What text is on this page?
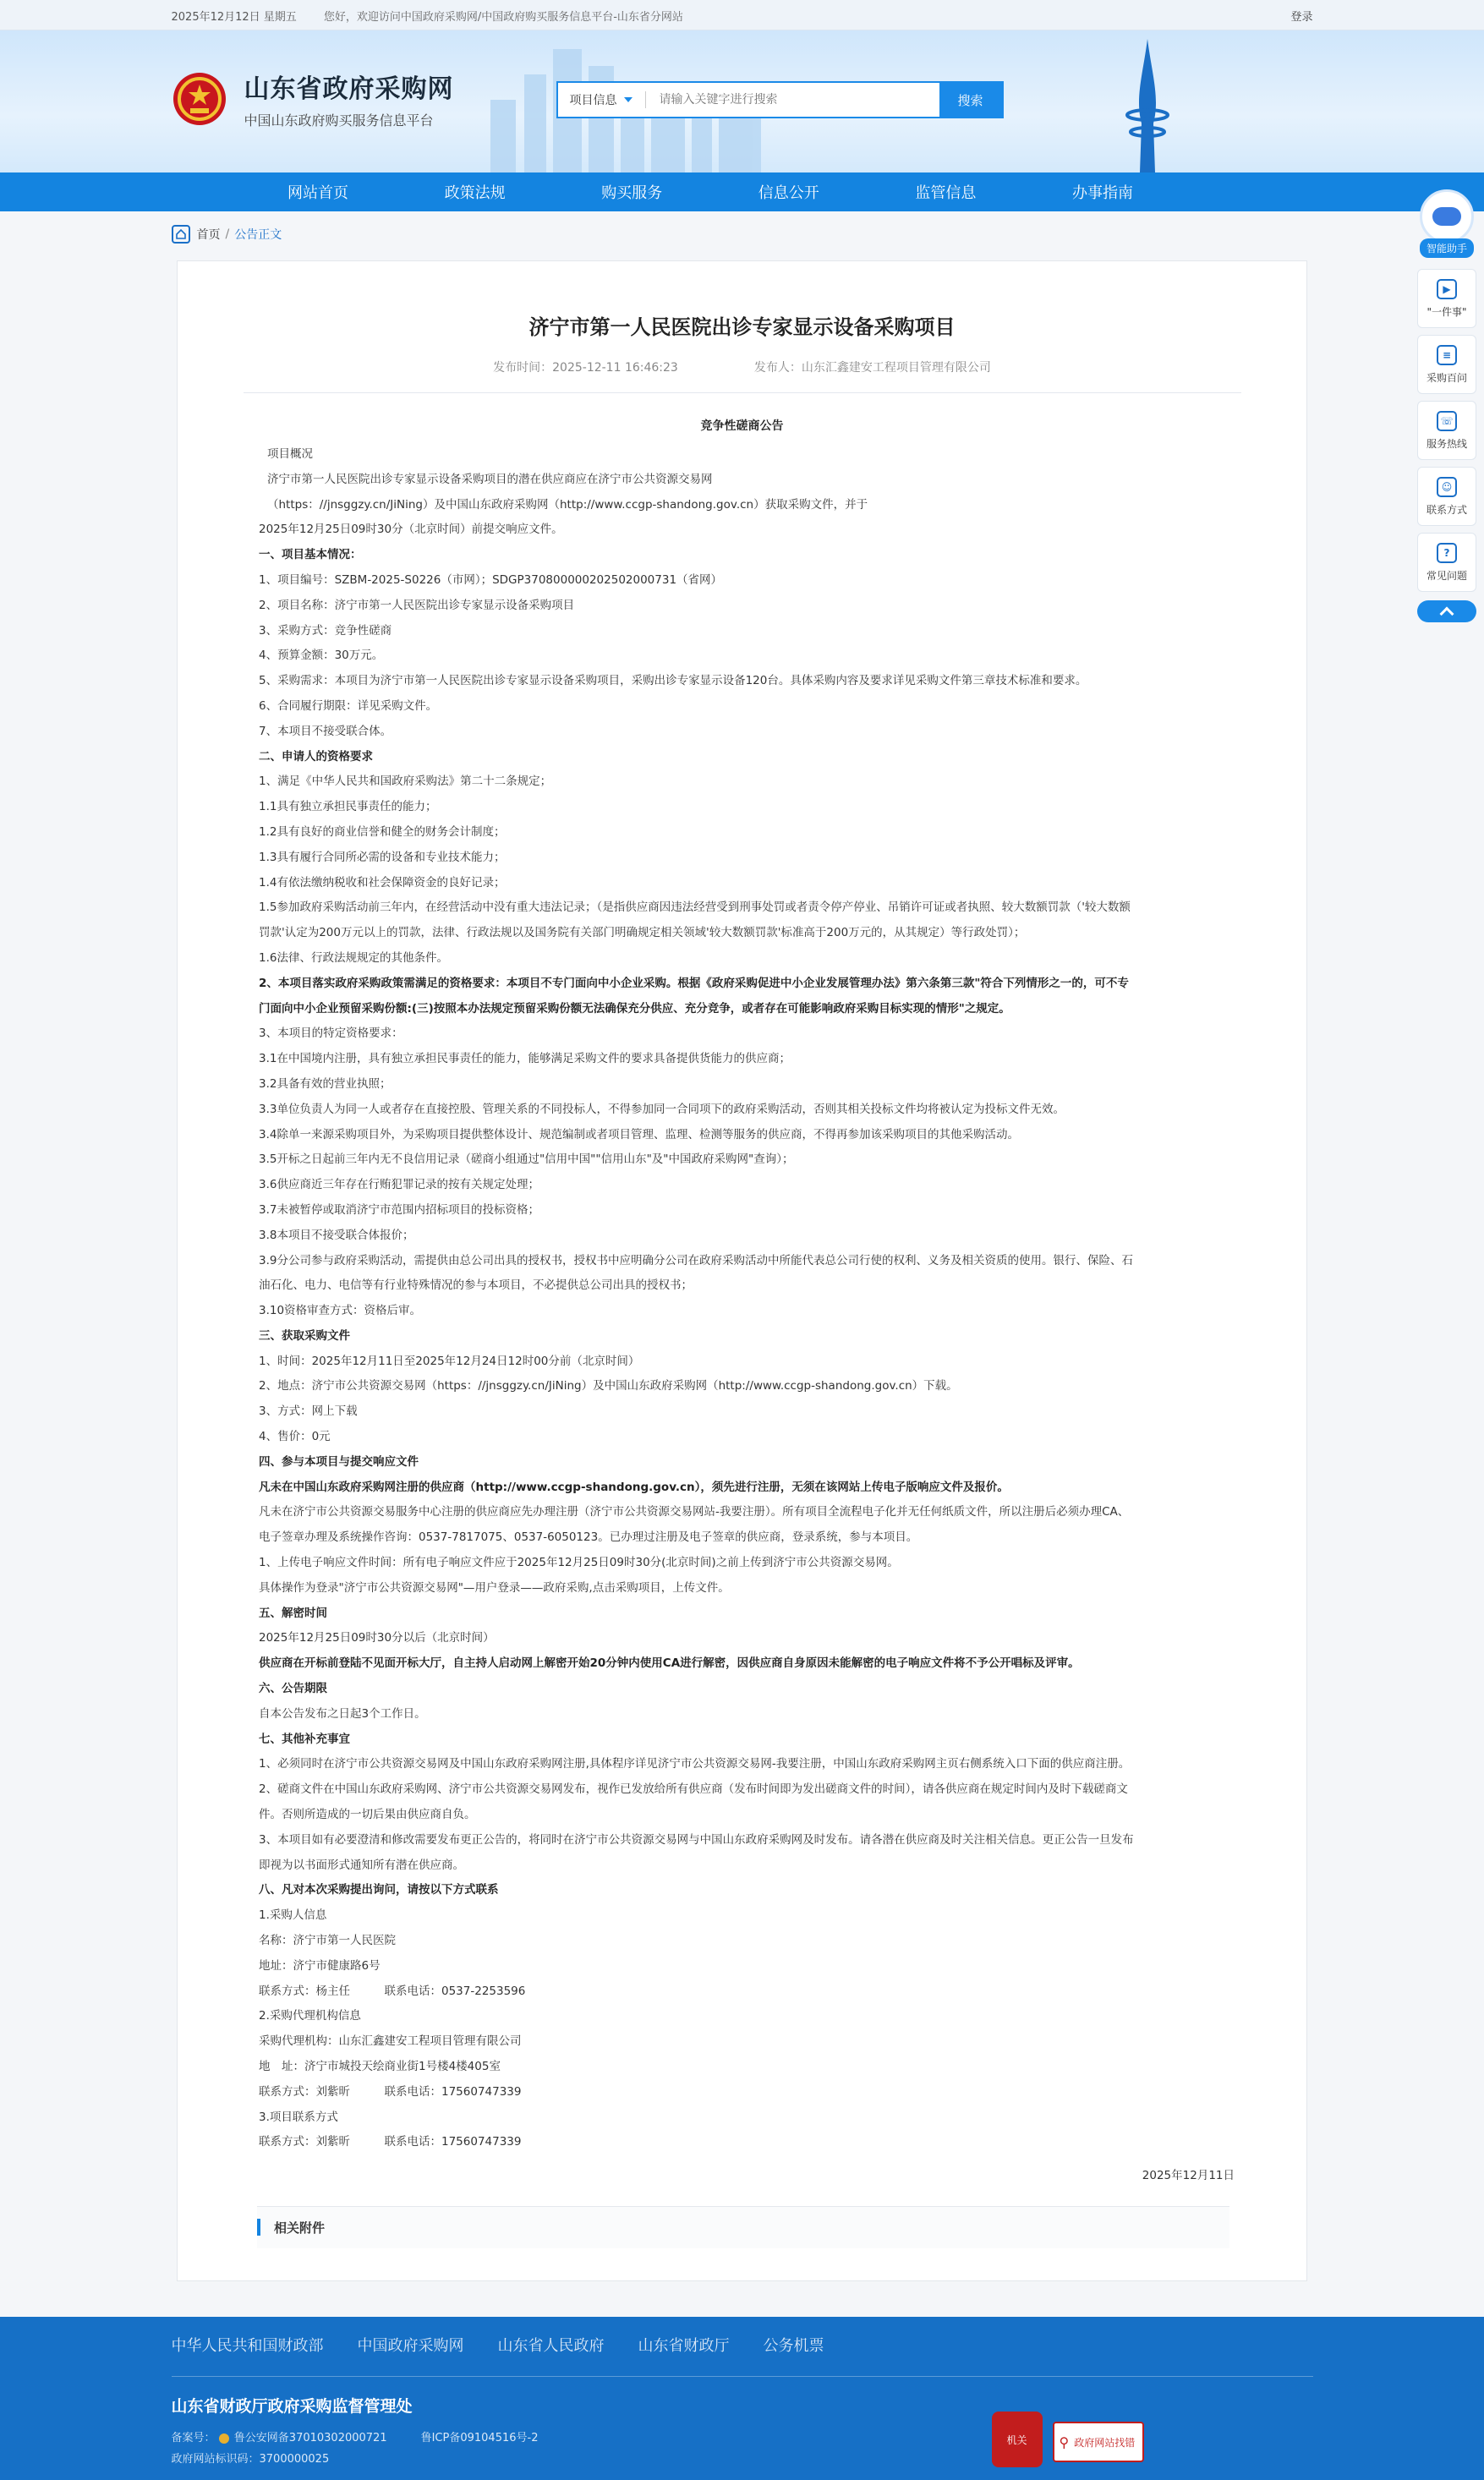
2025年12月12日 星期五 您好，欢迎访问中国政府采购网/中国政府购买服务信息平台-山东省分网站	登录
山东省政府采购网
中国山东政府购买服务信息平台
项目信息
请输入关键字进行搜索	搜索
网站首页	政策法规	购买服务	信息公开	监管信息	办事指南
首页 / 公告正文
济宁市第一人民医院出诊专家显示设备采购项目
发布时间：2025-12-11 16:46:23	发布人：山东汇鑫建安工程项目管理有限公司
竞争性磋商公告

项目概况

济宁市第一人民医院出诊专家显示设备采购项目的潜在供应商应在济宁市公共资源交易网

（https：//jnsggzy.cn/JiNing）及中国山东政府采购网（http://www.ccgp-shandong.gov.cn）获取采购文件，并于

2025年12月25日09时30分（北京时间）前提交响应文件。

一、项目基本情况：

1、项目编号：SZBM-2025-S0226（市网）；SDGP370800000202502000731（省网）

2、项目名称：济宁市第一人民医院出诊专家显示设备采购项目

3、采购方式：竞争性磋商

4、预算金额：30万元。

5、采购需求：本项目为济宁市第一人民医院出诊专家显示设备采购项目，采购出诊专家显示设备120台。具体采购内容及要求详见采购文件第三章技术标准和要求。

6、合同履行期限：详见采购文件。

7、本项目不接受联合体。

二、申请人的资格要求

1、满足《中华人民共和国政府采购法》第二十二条规定；

1.1具有独立承担民事责任的能力；

1.2具有良好的商业信誉和健全的财务会计制度；

1.3具有履行合同所必需的设备和专业技术能力；

1.4有依法缴纳税收和社会保障资金的良好记录；

1.5参加政府采购活动前三年内，在经营活动中没有重大违法记录；（是指供应商因违法经营受到刑事处罚或者责令停产停业、吊销许可证或者执照、较大数额罚款（'较大数额

罚款'认定为200万元以上的罚款，法律、行政法规以及国务院有关部门明确规定相关领域'较大数额罚款'标准高于200万元的，从其规定）等行政处罚）；

1.6法律、行政法规规定的其他条件。

2、本项目落实政府采购政策需满足的资格要求：本项目不专门面向中小企业采购。根据《政府采购促进中小企业发展管理办法》第六条第三款"符合下列情形之一的，可不专

门面向中小企业预留采购份额:(三)按照本办法规定预留采购份额无法确保充分供应、充分竞争，或者存在可能影响政府采购目标实现的情形"之规定。

3、本项目的特定资格要求：

3.1在中国境内注册，具有独立承担民事责任的能力，能够满足采购文件的要求具备提供货能力的供应商；

3.2具备有效的营业执照；

3.3单位负责人为同一人或者存在直接控股、管理关系的不同投标人，不得参加同一合同项下的政府采购活动，否则其相关投标文件均将被认定为投标文件无效。

3.4除单一来源采购项目外，为采购项目提供整体设计、规范编制或者项目管理、监理、检测等服务的供应商，不得再参加该采购项目的其他采购活动。

3.5开标之日起前三年内无不良信用记录（磋商小组通过"信用中国""信用山东"及"中国政府采购网"查询）；

3.6供应商近三年存在行贿犯罪记录的按有关规定处理；

3.7未被暂停或取消济宁市范围内招标项目的投标资格；

3.8本项目不接受联合体报价；

3.9分公司参与政府采购活动，需提供由总公司出具的授权书，授权书中应明确分公司在政府采购活动中所能代表总公司行使的权利、义务及相关资质的使用。银行、保险、石

油石化、电力、电信等有行业特殊情况的参与本项目，不必提供总公司出具的授权书；

3.10资格审查方式：资格后审。

三、获取采购文件

1、时间：2025年12月11日至2025年12月24日12时00分前（北京时间）

2、地点：济宁市公共资源交易网（https：//jnsggzy.cn/JiNing）及中国山东政府采购网（http://www.ccgp-shandong.gov.cn）下载。

3、方式：网上下载

4、售价：0元

四、参与本项目与提交响应文件

凡未在中国山东政府采购网注册的供应商（http://www.ccgp-shandong.gov.cn），须先进行注册，无须在该网站上传电子版响应文件及报价。

凡未在济宁市公共资源交易服务中心注册的供应商应先办理注册（济宁市公共资源交易网站-我要注册）。所有项目全流程电子化并无任何纸质文件，所以注册后必须办理CA、

电子签章办理及系统操作咨询：0537-7817075、0537-6050123。已办理过注册及电子签章的供应商，登录系统，参与本项目。

1、上传电子响应文件时间：所有电子响应文件应于2025年12月25日09时30分(北京时间)之前上传到济宁市公共资源交易网。

具体操作为登录"济宁市公共资源交易网"—用户登录——政府采购,点击采购项目，上传文件。

五、解密时间

2025年12月25日09时30分以后（北京时间）

供应商在开标前登陆不见面开标大厅，自主持人启动网上解密开始20分钟内使用CA进行解密，因供应商自身原因未能解密的电子响应文件将不予公开唱标及评审。

六、公告期限

自本公告发布之日起3个工作日。

七、其他补充事宜

1、必须同时在济宁市公共资源交易网及中国山东政府采购网注册,具体程序详见济宁市公共资源交易网-我要注册，中国山东政府采购网主页右侧系统入口下面的供应商注册。

2、磋商文件在中国山东政府采购网、济宁市公共资源交易网发布，视作已发放给所有供应商（发布时间即为发出磋商文件的时间），请各供应商在规定时间内及时下载磋商文

件。否则所造成的一切后果由供应商自负。

3、本项目如有必要澄清和修改需要发布更正公告的，将同时在济宁市公共资源交易网与中国山东政府采购网及时发布。请各潜在供应商及时关注相关信息。更正公告一旦发布

即视为以书面形式通知所有潜在供应商。

八、凡对本次采购提出询问，请按以下方式联系

1.采购人信息

名称：济宁市第一人民医院

地址：济宁市健康路6号

联系方式：杨主任　　　联系电话：0537-2253596

2.采购代理机构信息

采购代理机构：山东汇鑫建安工程项目管理有限公司

地　址：济宁市城投天绘商业街1号楼4楼405室

联系方式：刘紫昕　　　联系电话：17560747339

3.项目联系方式

联系方式：刘紫昕　　　联系电话：17560747339

2025年12月11日

相关附件
智能助手
▶
"一件事"
≡
采购百问
☏
服务热线
☺
联系方式
?
常见问题
中华人民共和国财政部 中国政府采购网 山东省人民政府 山东省财政厅 公务机票
山东省财政厅政府采购监督管理处
备案号： 鲁公安网备37010302000721	鲁ICP备09104516号-2
政府网站标识码：3700000025
机关 ⚲ 政府网站找错
